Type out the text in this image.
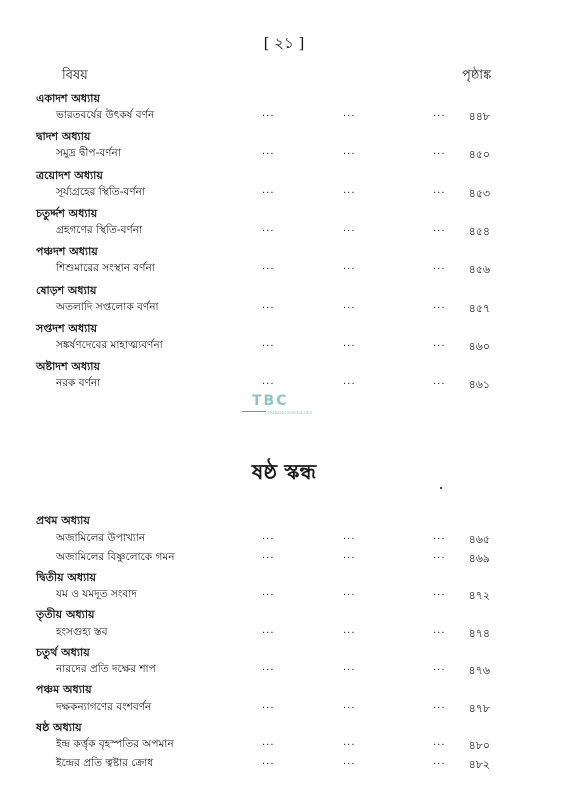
[ ২১ ]
বিষয়	পৃষ্ঠাঙ্ক
একাদশ অধ্যায়
ভারতবর্ষের উৎকর্ষ বর্ণন	...	...	... ৪৪৮
দ্বাদশ অধ্যায়
সমুদ্র দ্বীপ-বর্ণনা	...	...	... ৪৫০
ত্রয়োদশ অধ্যায়
সূর্য্যগ্রহের স্থিতি-বর্ণনা	...	...	... ৪৫৩
চতুর্দ্দশ অধ্যায়
গ্রহগণের স্থিতি-বর্ণনা	...	...	... ৪৫৪
পঞ্চদশ অধ্যায়
শিশুমারের সংস্থান বর্ণনা	...	...	... ৪৫৬
ষোড়শ অধ্যায়
অতলাদি সপ্তলোক বর্ণনা	...	...	... ৪৫৭
সপ্তদশ অধ্যায়
সঙ্কর্ষণদেবের মাহাত্ম্যবর্ণনা	...	...	... ৪৬০
অষ্টাদশ অধ্যায়
নরক বর্ণনা	...	...	... ৪৬১
TBC
thebookcornerbd.com
ষষ্ঠ স্কন্ধ
প্রথম অধ্যায়
অজামিলের উপাখ্যান	...	...	... ৪৬৫
অজামিলের বিষ্ণুলোকে গমন	...	...	... ৪৬৯
দ্বিতীয় অধ্যায়
যম ও যমদূত সংবাদ	...	...	... ৪৭২
তৃতীয় অধ্যায়
হংসগুহ্য স্তব	...	...	... ৪৭৪
চতুর্থ অধ্যায়
নারদের প্রতি দক্ষের শাপ	...	...	... ৪৭৬
পঞ্চম অধ্যায়
দক্ষকন্যাগণের বংশবর্ণন	...	...	... ৪৭৮
ষষ্ঠ অধ্যায়
ইন্দ্র কর্ত্তৃক বৃহস্পতির অপমান	...	...	... ৪৮০
ইন্দ্রের প্রতি ত্বষ্টার ক্রোধ	...	...	... ৪৮২
